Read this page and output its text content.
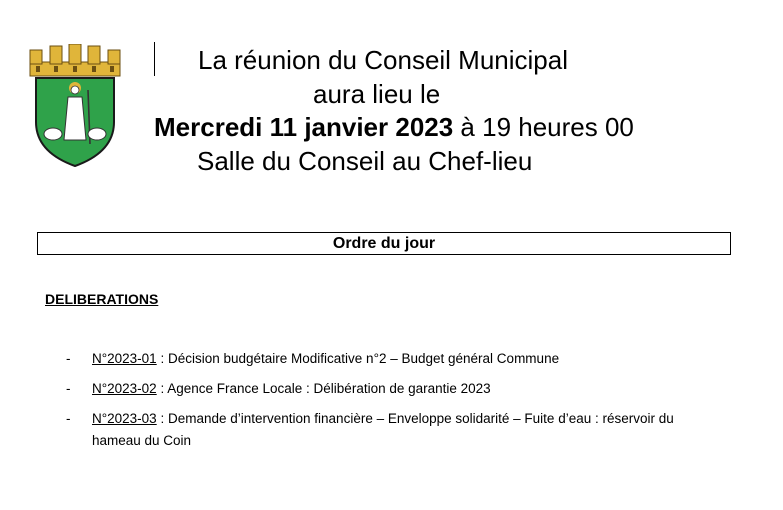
La réunion du Conseil Municipal
aura lieu le
Mercredi 11 janvier 2023 à 19 heures 00
Salle du Conseil au Chef-lieu
Ordre du jour
DELIBERATIONS
- N°2023-01 : Décision budgétaire Modificative n°2 – Budget général Commune
- N°2023-02 : Agence France Locale : Délibération de garantie 2023
- N°2023-03 : Demande d’intervention financière – Enveloppe solidarité – Fuite d’eau : réservoir du hameau du Coin
